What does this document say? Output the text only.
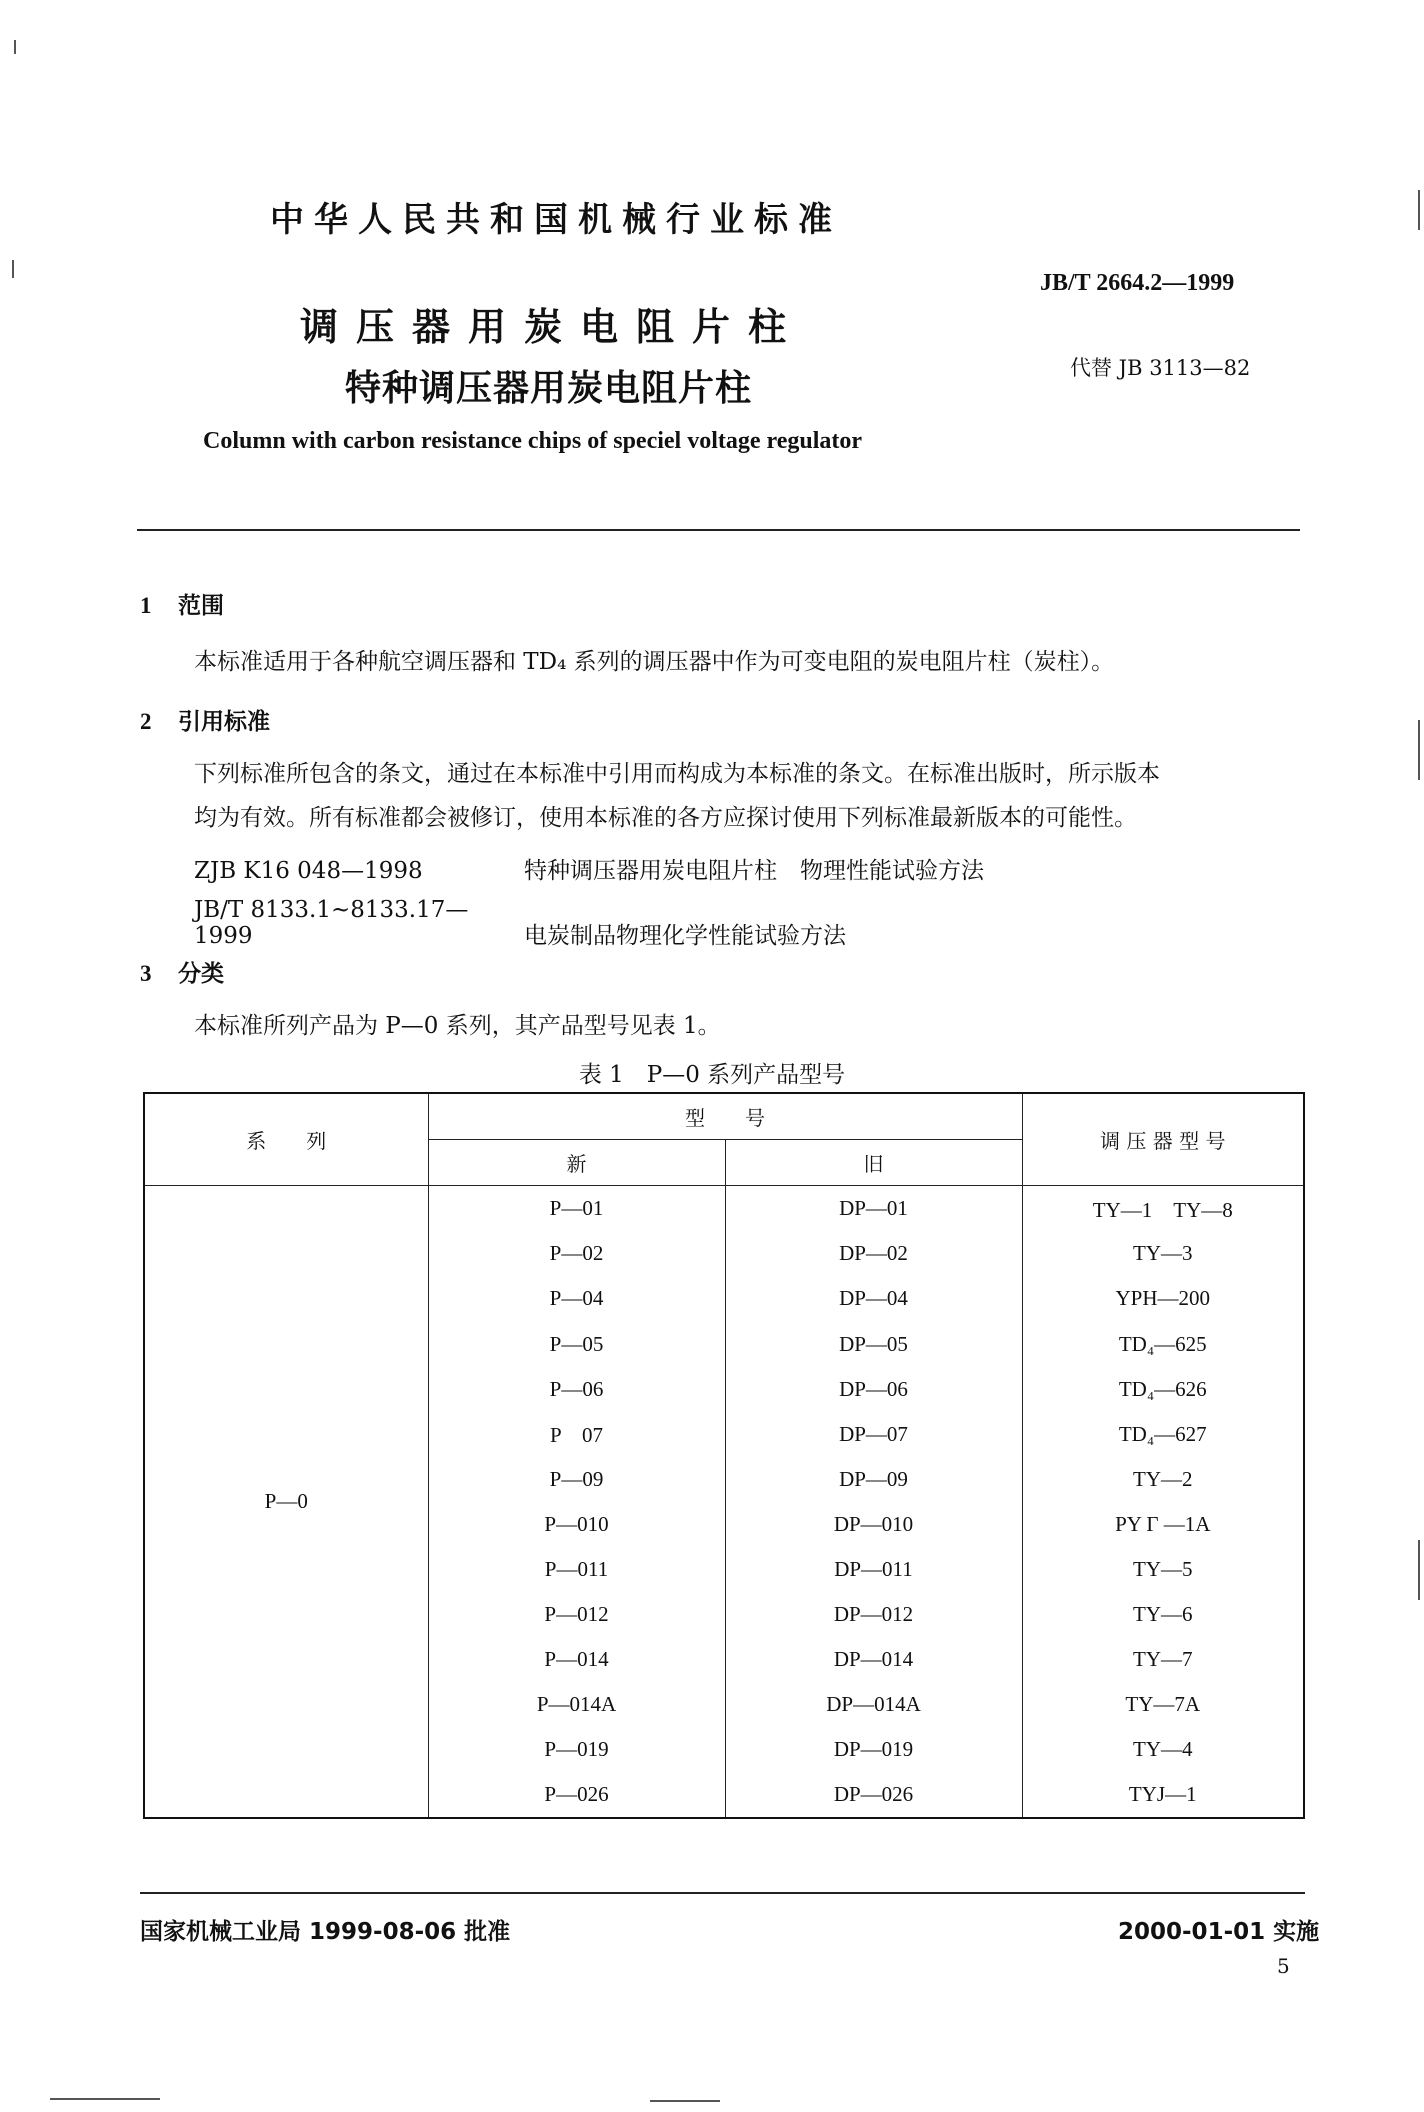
中华人民共和国机械行业标准
JB/T 2664.2—1999
代替 JB 3113—82
调压器用炭电阻片柱
特种调压器用炭电阻片柱
Column with carbon resistance chips of speciel voltage regulator
1 范围
本标准适用于各种航空调压器和 TD₄ 系列的调压器中作为可变电阻的炭电阻片柱（炭柱）。
2 引用标准
下列标准所包含的条文，通过在本标准中引用而构成为本标准的条文。在标准出版时，所示版本
均为有效。所有标准都会被修订，使用本标准的各方应探讨使用下列标准最新版本的可能性。
ZJB K16 048—1998	特种调压器用炭电阻片柱　物理性能试验方法
JB/T 8133.1~8133.17—1999	电炭制品物理化学性能试验方法
3 分类
本标准所列产品为 P—0 系列，其产品型号见表 1。
表 1　P—0 系列产品型号
系　　列	型　　号		调 压 器 型 号
	新	旧	
P—0	P—01	DP—01	TY—1　TY—8
	P—02	DP—02	TY—3
	P—04	DP—04	YPH—200
	P—05	DP—05	TD₄—625
	P—06	DP—06	TD₄—626
	P　07	DP—07	TD₄—627
	P—09	DP—09	TY—2
	P—010	DP—010	PY Γ —1A
	P—011	DP—011	TY—5
	P—012	DP—012	TY—6
	P—014	DP—014	TY—7
	P—014A	DP—014A	TY—7A
	P—019	DP—019	TY—4
	P—026	DP—026	TYJ—1
国家机械工业局 1999-08-06 批准	2000-01-01 实施
5
